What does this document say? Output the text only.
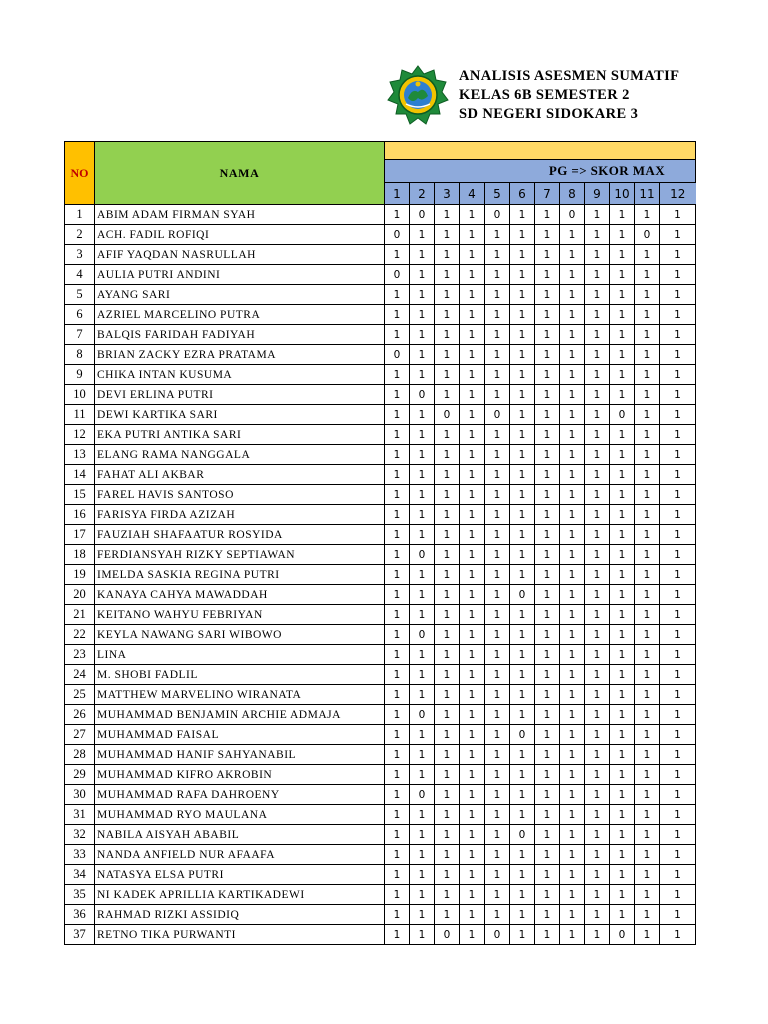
ANALISIS ASESMEN SUMATIF
KELAS 6B SEMESTER 2
SD NEGERI SIDOKARE 3
NO	NAMA												
		PG => SKOR MAX											
		1	2	3	4	5	6	7	8	9	10	11	12
1	ABIM ADAM FIRMAN SYAH	1	0	1	1	0	1	1	0	1	1	1	1
2	ACH. FADIL ROFIQI	0	1	1	1	1	1	1	1	1	1	0	1
3	AFIF YAQDAN NASRULLAH	1	1	1	1	1	1	1	1	1	1	1	1
4	AULIA PUTRI ANDINI	0	1	1	1	1	1	1	1	1	1	1	1
5	AYANG SARI	1	1	1	1	1	1	1	1	1	1	1	1
6	AZRIEL MARCELINO PUTRA	1	1	1	1	1	1	1	1	1	1	1	1
7	BALQIS FARIDAH FADIYAH	1	1	1	1	1	1	1	1	1	1	1	1
8	BRIAN ZACKY EZRA PRATAMA	0	1	1	1	1	1	1	1	1	1	1	1
9	CHIKA INTAN KUSUMA	1	1	1	1	1	1	1	1	1	1	1	1
10	DEVI ERLINA PUTRI	1	0	1	1	1	1	1	1	1	1	1	1
11	DEWI KARTIKA SARI	1	1	0	1	0	1	1	1	1	0	1	1
12	EKA PUTRI ANTIKA SARI	1	1	1	1	1	1	1	1	1	1	1	1
13	ELANG RAMA NANGGALA	1	1	1	1	1	1	1	1	1	1	1	1
14	FAHAT ALI AKBAR	1	1	1	1	1	1	1	1	1	1	1	1
15	FAREL HAVIS SANTOSO	1	1	1	1	1	1	1	1	1	1	1	1
16	FARISYA FIRDA AZIZAH	1	1	1	1	1	1	1	1	1	1	1	1
17	FAUZIAH SHAFAATUR ROSYIDA	1	1	1	1	1	1	1	1	1	1	1	1
18	FERDIANSYAH RIZKY SEPTIAWAN	1	0	1	1	1	1	1	1	1	1	1	1
19	IMELDA SASKIA REGINA PUTRI	1	1	1	1	1	1	1	1	1	1	1	1
20	KANAYA CAHYA MAWADDAH	1	1	1	1	1	0	1	1	1	1	1	1
21	KEITANO WAHYU FEBRIYAN	1	1	1	1	1	1	1	1	1	1	1	1
22	KEYLA NAWANG SARI WIBOWO	1	0	1	1	1	1	1	1	1	1	1	1
23	LINA	1	1	1	1	1	1	1	1	1	1	1	1
24	M. SHOBI FADLIL	1	1	1	1	1	1	1	1	1	1	1	1
25	MATTHEW MARVELINO WIRANATA	1	1	1	1	1	1	1	1	1	1	1	1
26	MUHAMMAD BENJAMIN ARCHIE ADMAJA	1	0	1	1	1	1	1	1	1	1	1	1
27	MUHAMMAD FAISAL	1	1	1	1	1	0	1	1	1	1	1	1
28	MUHAMMAD HANIF SAHYANABIL	1	1	1	1	1	1	1	1	1	1	1	1
29	MUHAMMAD KIFRO AKROBIN	1	1	1	1	1	1	1	1	1	1	1	1
30	MUHAMMAD RAFA DAHROENY	1	0	1	1	1	1	1	1	1	1	1	1
31	MUHAMMAD RYO MAULANA	1	1	1	1	1	1	1	1	1	1	1	1
32	NABILA AISYAH ABABIL	1	1	1	1	1	0	1	1	1	1	1	1
33	NANDA ANFIELD NUR AFAAFA	1	1	1	1	1	1	1	1	1	1	1	1
34	NATASYA ELSA PUTRI	1	1	1	1	1	1	1	1	1	1	1	1
35	NI KADEK APRILLIA KARTIKADEWI	1	1	1	1	1	1	1	1	1	1	1	1
36	RAHMAD RIZKI ASSIDIQ	1	1	1	1	1	1	1	1	1	1	1	1
37	RETNO TIKA PURWANTI	1	1	0	1	0	1	1	1	1	0	1	1
